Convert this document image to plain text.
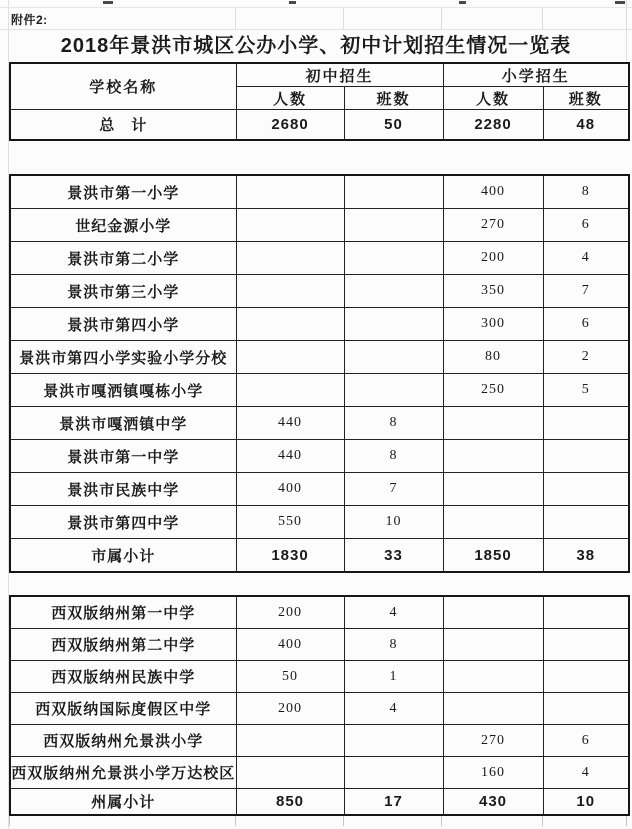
附件2:
2018年景洪市城区公办小学、初中计划招生情况一览表
学校名称	初中招生		小学招生	
	人数	班数	人数	班数
总　计	2680	50	2280	48
景洪市第一小学			400	8
世纪金源小学			270	6
景洪市第二小学			200	4
景洪市第三小学			350	7
景洪市第四小学			300	6
景洪市第四小学实验小学分校			80	2
景洪市嘎洒镇嘎栋小学			250	5
景洪市嘎洒镇中学	440	8		
景洪市第一中学	440	8		
景洪市民族中学	400	7		
景洪市第四中学	550	10		
市属小计	1830	33	1850	38
西双版纳州第一中学	200	4		
西双版纳州第二中学	400	8		
西双版纳州民族中学	50	1		
西双版纳国际度假区中学	200	4		
西双版纳州允景洪小学			270	6
西双版纳州允景洪小学万达校区			160	4
州属小计	850	17	430	10
